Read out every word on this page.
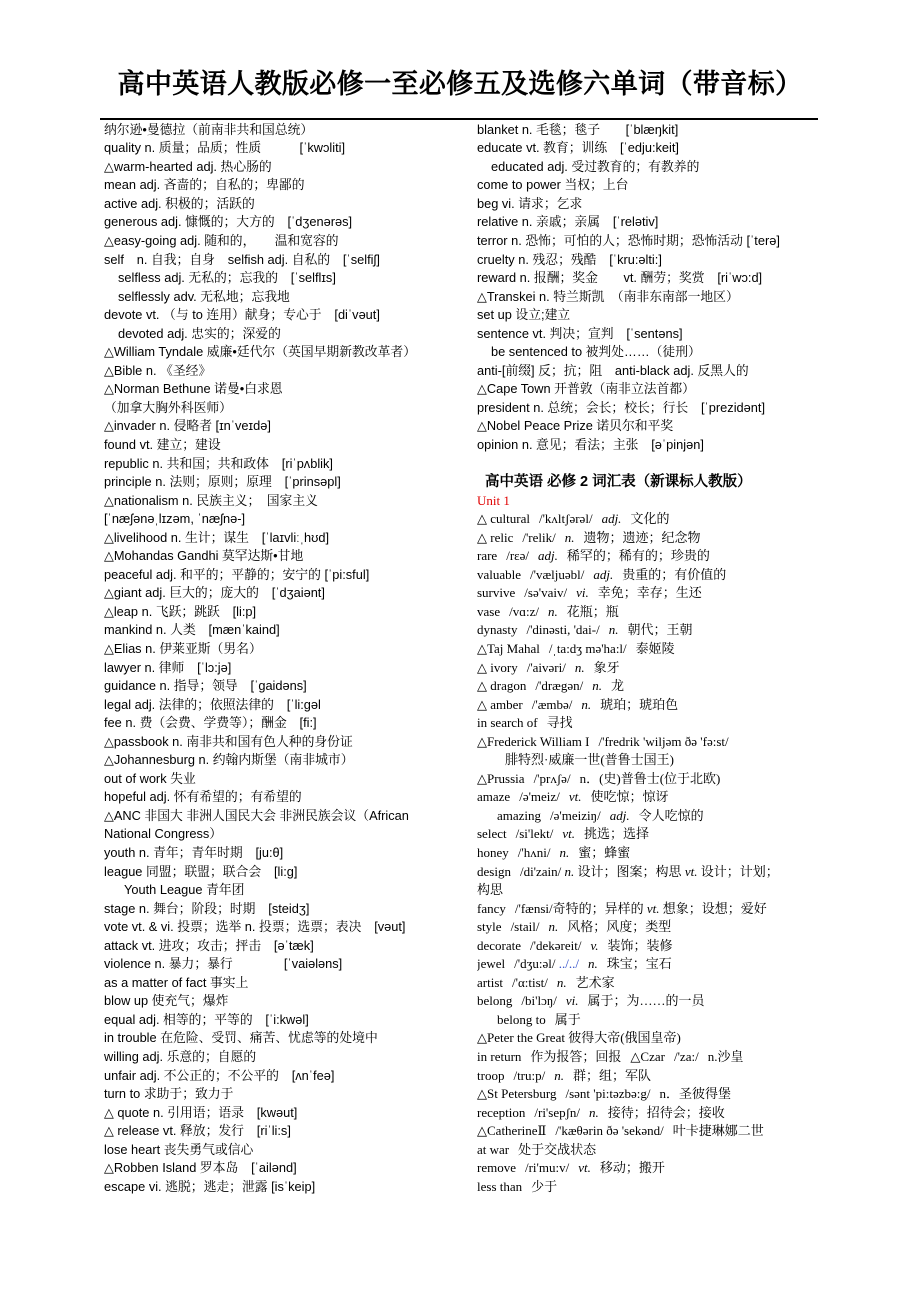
高中英语人教版必修一至必修五及选修六单词（带音标）
纳尔逊•曼德拉（前南非共和国总统）
quality n. 质量；品质；性质　　　[ˈkwɔliti]
△warm-hearted adj. 热心肠的
mean adj. 吝啬的；自私的；卑鄙的
active adj. 积极的；活跃的
generous adj. 慷慨的；大方的　[ˈdʒenərəs]
△easy-going adj. 随和的，　　温和宽容的
self　n. 自我；自身　selfish adj. 自私的　[ˈselfiʃ]
selfless adj. 无私的；忘我的　[ˈselflɪs]
selflessly adv. 无私地；忘我地
devote vt. （与 to 连用）献身；专心于　[diˈvəut]
devoted adj. 忠实的；深爱的
△William Tyndale 威廉•廷代尔（英国早期新教改革者）
△Bible n. 《圣经》
△Norman Bethune 诺曼•白求恩
（加拿大胸外科医师）
△invader n. 侵略者 [ɪnˈveɪdə]
found vt. 建立；建设
republic n. 共和国；共和政体　[riˈpʌblik]
principle n. 法则；原则；原理　[ˈprinsəpl]
△nationalism n. 民族主义；　国家主义
[ˈnæʃənəˌlɪzəm, ˈnæʃnə-]
△livelihood n. 生计；谋生　[ˈlaɪvliːˌhʊd]
△Mohandas Gandhi 莫罕达斯•甘地
peaceful adj. 和平的；平静的；安宁的 [ˈpi:sful]
△giant adj. 巨大的；庞大的　[ˈdʒaiənt]
△leap n. 飞跃；跳跃　[li:p]
mankind n. 人类　[mænˈkaind]
△Elias n. 伊莱亚斯（男名）
lawyer n. 律师　[ˈlɔ:jə]
guidance n. 指导；领导　[ˈgaidəns]
legal adj. 法律的；依照法律的　[ˈli:gəl
fee n. 费（会费、学费等）；酬金　[fi:]
△passbook n. 南非共和国有色人种的身份证
△Johannesburg n. 约翰内斯堡（南非城市）
out of work 失业
hopeful adj. 怀有希望的；有希望的
△ANC 非国大 非洲人国民大会 非洲民族会议（African
National Congress）
youth n. 青年；青年时期　[ju:θ]
league 同盟；联盟；联合会　[li:g]
Youth League 青年团
stage n. 舞台；阶段；时期　[steidʒ]
vote vt. & vi. 投票；选举 n. 投票；选票；表决　[vəut]
attack vt. 进攻；攻击；抨击　[əˈtæk]
violence n. 暴力；暴行　　　　[ˈvaiələns]
as a matter of fact 事实上
blow up 使充气；爆炸
equal adj. 相等的；平等的　[ˈi:kwəl]
in trouble 在危险、受罚、痛苦、忧虑等的处境中
willing adj. 乐意的；自愿的
unfair adj. 不公正的；不公平的　[ʌnˈfeə]
turn to 求助于；致力于
△ quote n. 引用语；语录　[kwəut]
△ release vt. 释放；发行　[riˈli:s]
lose heart 丧失勇气或信心
△Robben Island 罗本岛　[ˈailənd]
escape vi. 逃脱；逃走；泄露 [isˈkeip]
blanket n. 毛毯；毯子　　[ˈblæŋkit]
educate vt. 教育；训练　[ˈedju:keit]
educated adj. 受过教育的；有教养的
come to power 当权；上台
beg vi. 请求；乞求
relative n. 亲戚；亲属　[ˈrelətiv]
terror n. 恐怖；可怕的人；恐怖时期；恐怖活动 [ˈterə]
cruelty n. 残忍；残酷　[ˈkru:əlti:]
reward n. 报酬；奖金　　vt. 酬劳；奖赏　[riˈwɔ:d]
△Transkei n. 特兰斯凯　（南非东南部一地区）
set up 设立;建立
sentence vt. 判决；宣判　[ˈsentəns]
be sentenced to 被判处……（徒刑）
anti-[前缀] 反；抗；阻　anti-black adj. 反黑人的
△Cape Town 开普敦（南非立法首都）
president n. 总统；会长；校长；行长　[ˈprezidənt]
△Nobel Peace Prize 诺贝尔和平奖
opinion n. 意见；看法；主张　[əˈpinjən]
高中英语 必修 2 词汇表（新课标人教版）
Unit 1
△ cultural /'kʌltʃərəl/ adj. 文化的
△ relic /'relik/ n. 遗物；遗迹；纪念物
rare /rεə/ adj. 稀罕的；稀有的；珍贵的
valuable /'væljuəbl/ adj. 贵重的；有价值的
survive /sə'vaiv/ vi. 幸免；幸存；生还
vase /vɑ:z/ n. 花瓶；瓶
dynasty /'dinəsti, 'dai-/ n. 朝代；王朝
△Taj Mahal /ˌta:dʒ mə'ha:l/ 泰姬陵
△ ivory /'aivəri/ n. 象牙
△ dragon /'drægən/ n. 龙
△ amber /'æmbə/ n. 琥珀；琥珀色
in search of 寻找
△Frederick William I /'fredrik 'wiljəm ðə 'fə:st/
腓特烈·威廉一世(普鲁士国王)
△Prussia /'prʌʃə/ n．(史)普鲁士(位于北欧)
amaze /ə'meiz/ vt. 使吃惊；惊讶
amazing /ə'meiziŋ/ adj. 令人吃惊的
select /si'lekt/ vt. 挑选；选择
honey /'hʌni/ n. 蜜；蜂蜜
design /di'zain/ n. 设计；图案；构思 vt. 设计；计划；
构思
fancy /'fænsi/奇特的；异样的 vt. 想象；设想；爱好
style /stail/ n. 风格；风度；类型
decorate /'dekəreit/ v. 装饰；装修
jewel /'dʒu:əl/ ../../ n. 珠宝；宝石
artist /'α:tist/ n. 艺术家
belong /bi'lɔŋ/ vi. 属于；为……的一员
belong to 属于
△Peter the Great 彼得大帝(俄国皇帝)
in return 作为报答；回报 △Czar /'za:/ n.沙皇
troop /tru:p/ n. 群；组；军队
△St Petersburg /sənt 'pi:təzbə:g/ n．圣彼得堡
reception /ri'sepʃn/ n. 接待；招待会；接收
△CatherineⅡ /'kæθərin ðə 'sekənd/ 叶卡捷琳娜二世
at war 处于交战状态
remove /ri'mu:v/ vt. 移动；搬开
less than 少于
